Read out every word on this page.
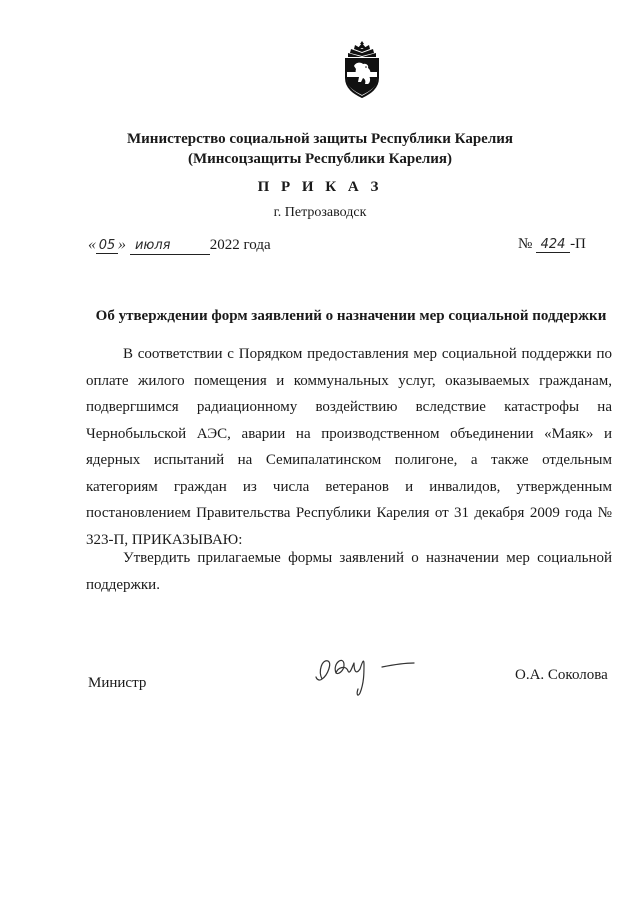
Министерство социальной защиты Республики Карелия
(Минсоцзащиты Республики Карелия)
П Р И К А З
г. Петрозаводск
« 05 » июля	2022 года	№ 424 -П
Об утверждении форм заявлений о назначении мер социальной поддержки

В соответствии с Порядком предоставления мер социальной поддержки по оплате жилого помещения и коммунальных услуг, оказываемых гражданам, подвергшимся радиационному воздействию вследствие катастрофы на Чернобыльской АЭС, аварии на производственном объединении «Маяк» и ядерных испытаний на Семипалатинском полигоне, а также отдельным категориям граждан из числа ветеранов и инвалидов, утвержденным постановлением Правительства Республики Карелия от 31 декабря 2009 года № 323-П, ПРИКАЗЫВАЮ:

Утвердить прилагаемые формы заявлений о назначении мер социальной поддержки.

Министр	О.А. Соколова
